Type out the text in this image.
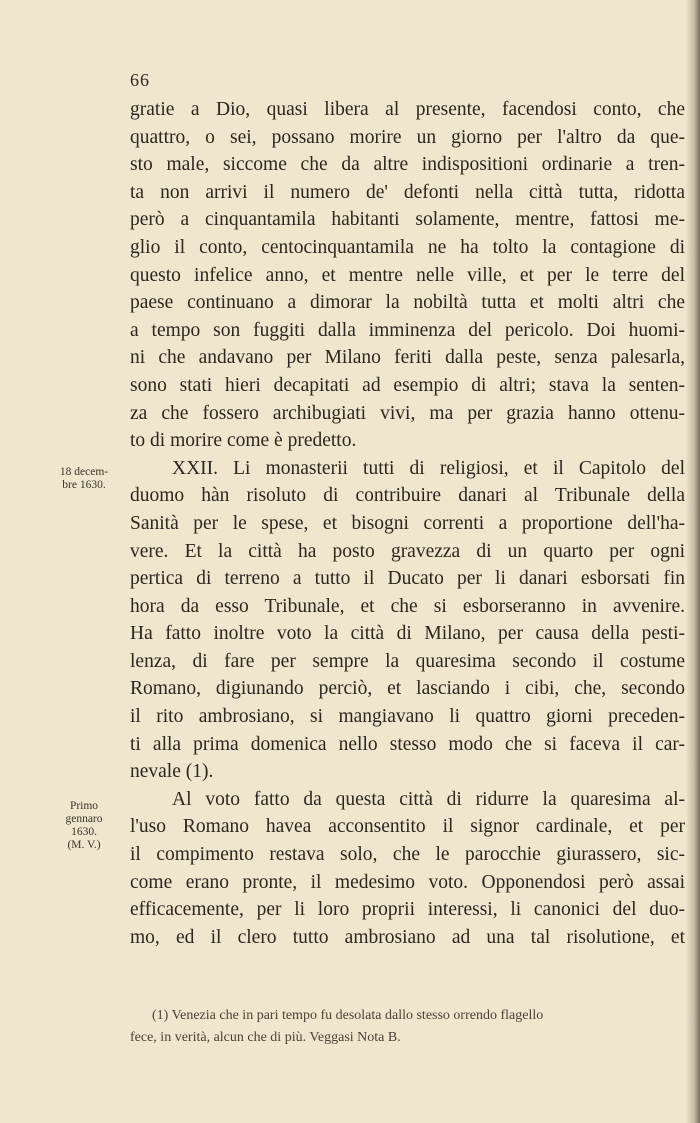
66
18 decem-
bre 1630.
Primo
gennaro
1630.
(M. V.)
gratie a Dio, quasi libera al presente, facendosi conto, che
quattro, o sei, possano morire un giorno per l'altro da que-
sto male, siccome che da altre indispositioni ordinarie a tren-
ta non arrivi il numero de' defonti nella città tutta, ridotta
però a cinquantamila habitanti solamente, mentre, fattosi me-
glio il conto, centocinquantamila ne ha tolto la contagione di
questo infelice anno, et mentre nelle ville, et per le terre del
paese continuano a dimorar la nobiltà tutta et molti altri che
a tempo son fuggiti dalla imminenza del pericolo. Doi huomi-
ni che andavano per Milano feriti dalla peste, senza palesarla,
sono stati hieri decapitati ad esempio di altri; stava la senten-
za che fossero archibugiati vivi, ma per grazia hanno ottenu-
to di morire come è predetto.
XXII. Li monasterii tutti di religiosi, et il Capitolo del
duomo hàn risoluto di contribuire danari al Tribunale della
Sanità per le spese, et bisogni correnti a proportione dell'ha-
vere. Et la città ha posto gravezza di un quarto per ogni
pertica di terreno a tutto il Ducato per li danari esborsati fin
hora da esso Tribunale, et che si esborseranno in avvenire.
Ha fatto inoltre voto la città di Milano, per causa della pesti-
lenza, di fare per sempre la quaresima secondo il costume
Romano, digiunando perciò, et lasciando i cibi, che, secondo
il rito ambrosiano, si mangiavano li quattro giorni preceden-
ti alla prima domenica nello stesso modo che si faceva il car-
nevale (1).
Al voto fatto da questa città di ridurre la quaresima al-
l'uso Romano havea acconsentito il signor cardinale, et per
il compimento restava solo, che le parocchie giurassero, sic-
come erano pronte, il medesimo voto. Opponendosi però assai
efficacemente, per li loro proprii interessi, li canonici del duo-
mo, ed il clero tutto ambrosiano ad una tal risolutione, et
(1) Venezia che in pari tempo fu desolata dallo stesso orrendo flagello
fece, in verità, alcun che di più. Veggasi Nota B.
